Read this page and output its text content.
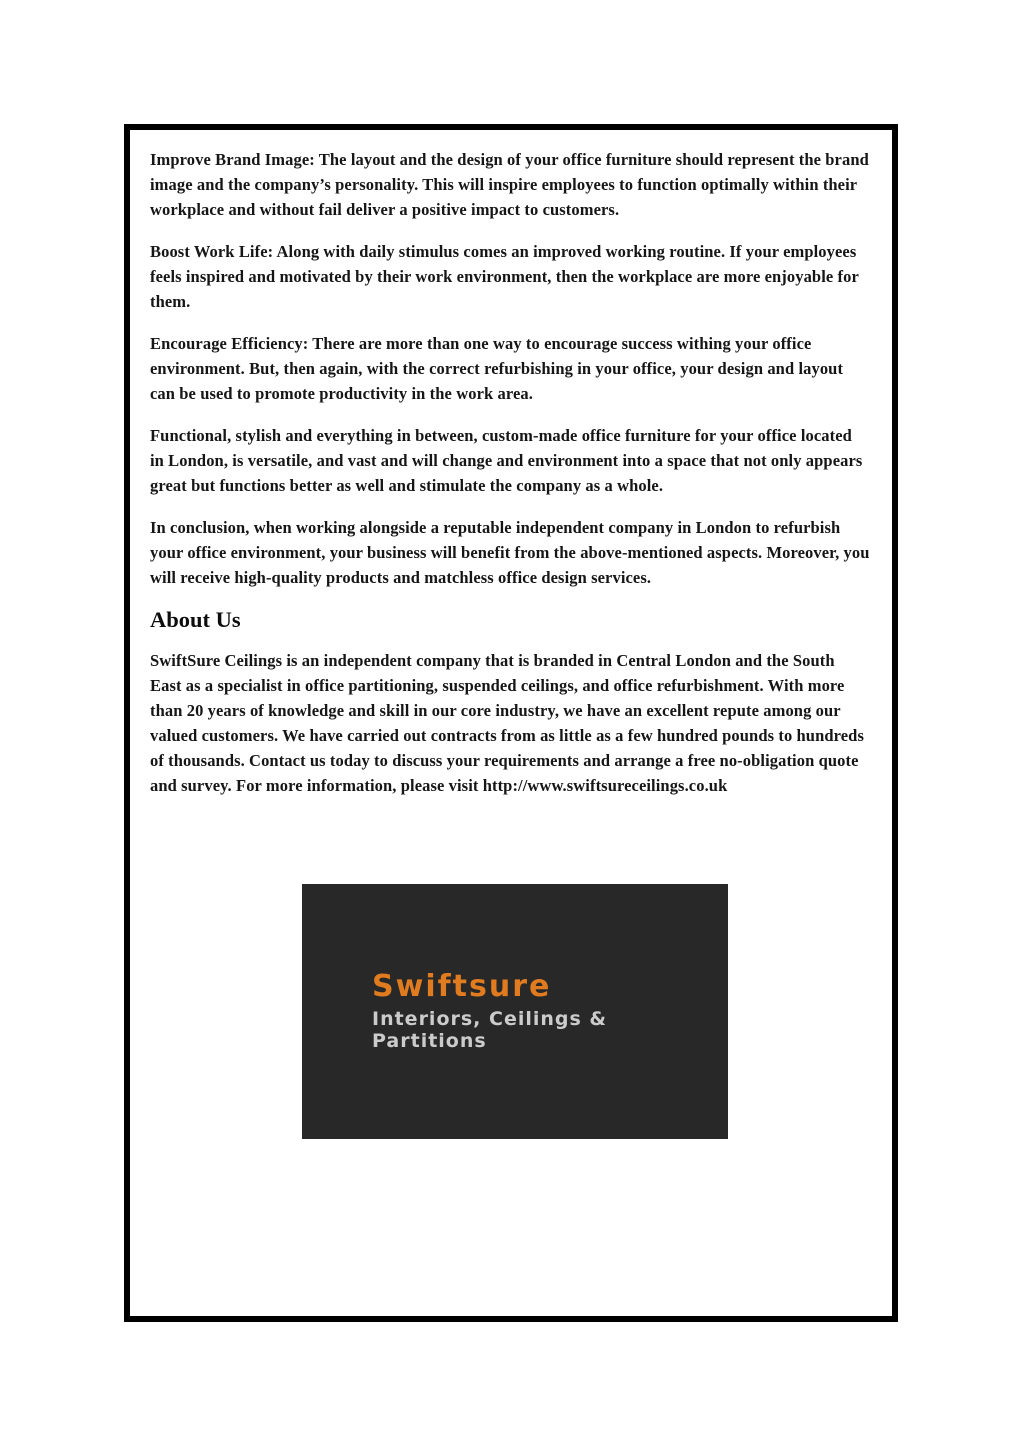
Improve Brand Image: The layout and the design of your office furniture should represent the brand image and the company’s personality. This will inspire employees to function optimally within their workplace and without fail deliver a positive impact to customers.

Boost Work Life: Along with daily stimulus comes an improved working routine. If your employees feels inspired and motivated by their work environment, then the workplace are more enjoyable for them.

Encourage Efficiency: There are more than one way to encourage success withing your office environment. But, then again, with the correct refurbishing in your office, your design and layout can be used to promote productivity in the work area.

Functional, stylish and everything in between, custom-made office furniture for your office located in London, is versatile, and vast and will change and environment into a space that not only appears great but functions better as well and stimulate the company as a whole.

In conclusion, when working alongside a reputable independent company in London to refurbish your office environment, your business will benefit from the above-mentioned aspects. Moreover, you will receive high-quality products and matchless office design services.

About Us

SwiftSure Ceilings is an independent company that is branded in Central London and the South East as a specialist in office partitioning, suspended ceilings, and office refurbishment. With more than 20 years of knowledge and skill in our core industry, we have an excellent repute among our valued customers. We have carried out contracts from as little as a few hundred pounds to hundreds of thousands. Contact us today to discuss your requirements and arrange a free no-obligation quote and survey. For more information, please visit http://www.swiftsureceilings.co.uk

Swiftsure
Interiors, Ceilings & Partitions
